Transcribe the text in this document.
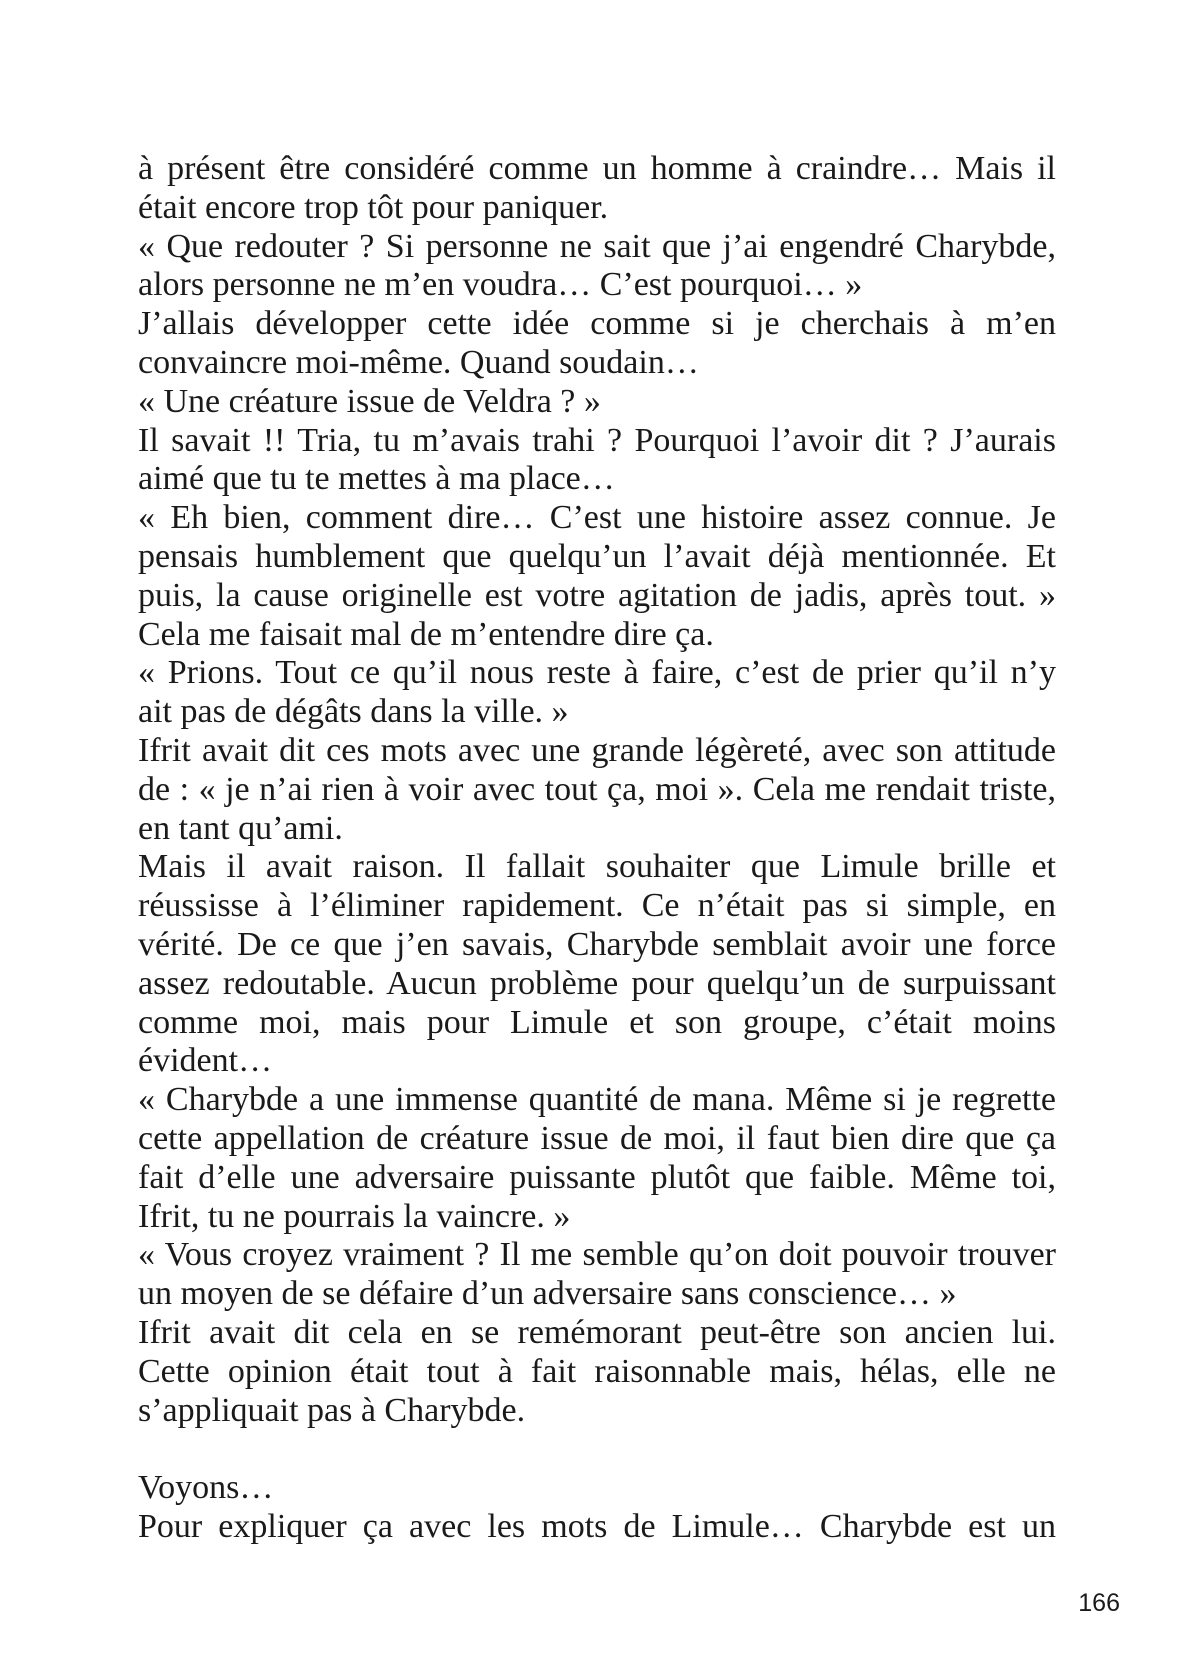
à présent être considéré comme un homme à craindre… Mais il
était encore trop tôt pour paniquer.
« Que redouter ? Si personne ne sait que j’ai engendré Charybde,
alors personne ne m’en voudra… C’est pourquoi… »
J’allais développer cette idée comme si je cherchais à m’en
convaincre moi-même. Quand soudain…
« Une créature issue de Veldra ? »
Il savait !! Tria, tu m’avais trahi ? Pourquoi l’avoir dit ? J’aurais
aimé que tu te mettes à ma place…
« Eh bien, comment dire… C’est une histoire assez connue. Je
pensais humblement que quelqu’un l’avait déjà mentionnée. Et
puis, la cause originelle est votre agitation de jadis, après tout. »
Cela me faisait mal de m’entendre dire ça.
« Prions. Tout ce qu’il nous reste à faire, c’est de prier qu’il n’y
ait pas de dégâts dans la ville. »
Ifrit avait dit ces mots avec une grande légèreté, avec son attitude
de : « je n’ai rien à voir avec tout ça, moi ». Cela me rendait triste,
en tant qu’ami.
Mais il avait raison. Il fallait souhaiter que Limule brille et
réussisse à l’éliminer rapidement. Ce n’était pas si simple, en
vérité. De ce que j’en savais, Charybde semblait avoir une force
assez redoutable. Aucun problème pour quelqu’un de surpuissant
comme moi, mais pour Limule et son groupe, c’était moins
évident…
« Charybde a une immense quantité de mana. Même si je regrette
cette appellation de créature issue de moi, il faut bien dire que ça
fait d’elle une adversaire puissante plutôt que faible. Même toi,
Ifrit, tu ne pourrais la vaincre. »
« Vous croyez vraiment ? Il me semble qu’on doit pouvoir trouver
un moyen de se défaire d’un adversaire sans conscience… »
Ifrit avait dit cela en se remémorant peut-être son ancien lui.
Cette opinion était tout à fait raisonnable mais, hélas, elle ne
s’appliquait pas à Charybde.
Voyons…
Pour expliquer ça avec les mots de Limule… Charybde est un
166
